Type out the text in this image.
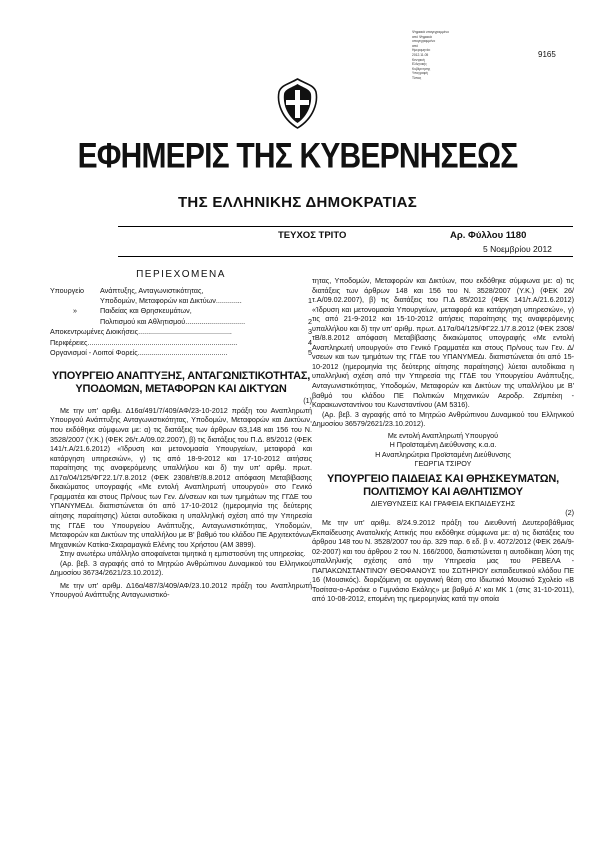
Ψηφιακά υπογεγραμμένο
από Ψηφιακά
υπογεγραμμένο
από
Ημερομηνία:
2012.11.05
Κεντρική
Ελληνικής
Κυβέρνησης
Υπογραφή
Τύπος
9165
ΕΦΗΜΕΡΙΣ ΤΗΣ ΚΥΒΕΡΝΗΣΕΩΣ
ΤΗΣ ΕΛΛΗΝΙΚΗΣ ΔΗΜΟΚΡΑΤΙΑΣ
ΤΕΥΧΟΣ ΤΡΙΤΟ	Αρ. Φύλλου 1180
5 Νοεμβρίου 2012
ΠΕΡΙΕΧΟΜΕΝΑ
Υπουργείο	Ανάπτυξης, Ανταγωνιστικότητας,
Υποδομών, Μεταφορών και Δικτύων.............	1
»	Παιδείας και Θρησκευμάτων,
Πολιτισμού και Αθλητισμού..............................	2
Αποκεντρωμένες Διοικήσεις ...............................................	3
Περιφέρειες ...........................................................................	4
Οργανισμοί - Λοιποί Φορείς .............................................	5

ΥΠΟΥΡΓΕΙΟ ΑΝΑΠΤΥΞΗΣ, ΑΝΤΑΓΩΝΙΣΤΙΚΟΤΗΤΑΣ, ΥΠΟΔΟΜΩΝ, ΜΕΤΑΦΟΡΩΝ ΚΑΙ ΔΙΚΤΥΩΝ

(1)

Με την υπ' αριθμ. Δ16α/491/7/409/ΑΦ/23-10-2012 πράξη του Αναπληρωτή Υπουργού Ανάπτυξης Ανταγωνιστικότητας, Υποδομών, Μεταφορών και Δικτύων, που εκδόθηκε σύμφωνα με: α) τις διατάξεις των άρθρων 63,148 και 156 του Ν. 3528/2007 (Υ.Κ.) (ΦΕΚ 26/τ.Α/09.02.2007), β) τις διατάξεις του Π.Δ. 85/2012 (ΦΕΚ 141/τ.Α/21.6.2012) «Ίδρυση και μετονομασία Υπουργείων, μεταφορά και κατάργηση υπηρεσιών», γ) τις από 18-9-2012 και 17-10-2012 αιτήσεις παραίτησης της αναφερόμενης υπαλλήλου και δ) την υπ' αριθμ. πρωτ. Δ17α/04/125/ΦΓ22.1/7.8.2012 (ΦΕΚ 2308/τΒ'/8.8.2012 απόφαση Μεταβίβασης δικαιώματος υπογραφής «Με εντολή Αναπληρωτή υπουργού» στο Γενικό Γραμματέα και στους Πρ/νους των Γεν. Δ/νσεων και των τμημάτων της ΓΓΔΕ του ΥΠΑΝΥΜΕΔι. διαπιστώνεται ότι από 17-10-2012 (ημερομηνία της δεύτερης αίτησης παραίτησης) λύεται αυτοδίκαια η υπαλληλική σχέση από την Υπηρεσία της ΓΓΔΕ του Υπουργείου Ανάπτυξης, Ανταγωνιστικότητας, Υποδομών, Μεταφορών και Δικτύων της υπαλλήλου με Β' βαθμό του κλάδου ΠΕ Αρχιτεκτόνων Μηχανικών Κατίκα-Σκαραμαγκά Ελένης του Χρήστου (ΑΜ 3899).

Στην ανωτέρω υπάλληλο αποφαίνεται τιμητικά η εμπιστοσύνη της υπηρεσίας.

(Αρ. βεβ. 3 αγραφής από το Μητρώο Ανθρώπινου Δυναμικού του Ελληνικού Δημοσίου 36734/2621/23.10.2012).

Με την υπ' αριθμ. Δ16α/487/3/409/ΑΦ/23.10.2012 πράξη του Αναπληρωτή Υπουργού Ανάπτυξης Ανταγωνιστικό-

τητας, Υποδομών, Μεταφορών και Δικτύων, που εκδόθηκε σύμφωνα με: α) τις διατάξεις των άρθρων 148 και 156 του Ν. 3528/2007 (Υ.Κ.) (ΦΕΚ 26/τ.Α/09.02.2007), β) τις διατάξεις του Π.Δ 85/2012 (ΦΕΚ 141/τ.Α/21.6.2012) «Ίδρυση και μετονομασία Υπουργείων, μεταφορά και κατάργηση υπηρεσιών», γ) τις από 21-9-2012 και 15-10-2012 αιτήσεις παραίτησης της αναφερόμενης υπαλλήλου και δ) την υπ' αριθμ. πρωτ. Δ17α/04/125/ΦΓ22.1/7.8.2012 (ΦΕΚ 2308/τΒ/8.8.2012 απόφαση Μεταβίβασης δικαιώματος υπογραφής «Με εντολή Αναπληρωτή υπουργού» στο Γενικό Γραμματέα και στους Πρ/νους των Γεν. Δ/νσεων και των τμημάτων της ΓΓΔΕ του ΥΠΑΝΥΜΕΔι. διαπιστώνεται ότι από 15-10-2012 (ημερομηνία της δεύτερης αίτησης παραίτησης) λύεται αυτοδίκαια η υπαλληλική σχέση από την Υπηρεσία της ΓΓΔΕ του Υπουργείου Ανάπτυξης, Ανταγωνιστικότητας, Υποδομών, Μεταφορών και Δικτύων της υπαλλήλου με Β' βαθμό του κλάδου ΠΕ Πολιτικών Μηχανικών Αεροδρ. Ζεϊμπέκη - Καρακωνσταντίνου του Κωνσταντίνου (ΑΜ 5316).

(Αρ. βεβ. 3 αγραφής από το Μητρώο Ανθρώπινου Δυναμικού του Ελληνικού Δημοσίου 36579/2621/23.10.2012).

Με εντολή Αναπληρωτή Υπουργού

Η Προϊσταμένη Διεύθυνσης κ.α.α.

Η Αναπληρώτρια Προϊσταμένη Διεύθυνσης

ΓΕΩΡΓΙΑ ΤΣΙΡΟΥ

ΥΠΟΥΡΓΕΙΟ ΠΑΙΔΕΙΑΣ ΚΑΙ ΘΡΗΣΚΕΥΜΑΤΩΝ, ΠΟΛΙΤΙΣΜΟΥ ΚΑΙ ΑΘΛΗΤΙΣΜΟΥ

ΔΙΕΥΘΥΝΣΕΙΣ ΚΑΙ ΓΡΑΦΕΙΑ ΕΚΠΑΙΔΕΥΣΗΣ

(2)

Με την υπ' αριθμ. 8/24.9.2012 πράξη του Διευθυντή Δευτεροβάθμιας Εκπαίδευσης Ανατολικής Αττικής που εκδόθηκε σύμφωνα με: α) τις διατάξεις του άρθρου 148 του Ν. 3528/2007 του άρ. 329 παρ. 6 εδ. β ν. 4072/2012 (ΦΕΚ 26Α/9-02-2007) και του άρθρου 2 του Ν. 166/2000, διαπιστώνεται η αυτοδίκαιη λύση της υπαλληλικής σχέσης από την Υπηρεσία μας του ΡΕΒΕΛΑ - ΠΑΠΑΚΩΝΣΤΑΝΤΙΝΟΥ ΘΕΟΦΑΝΟΥΣ του ΣΩΤΗΡΙΟΥ εκπαιδευτικού κλάδου ΠΕ 16 (Μουσικός). διοριζόμενη σε οργανική θέση στο Ιδιωτικό Μουσικό Σχολείο «Β Τοσίτσα-ο-Αρσάκε ο Γυμνάσιο Εκάλης» με βαθμό Α' και ΜΚ 1 (στις 31-10-2011), από 10-08-2012, επομένη της ημερομηνίας κατά την οποία
